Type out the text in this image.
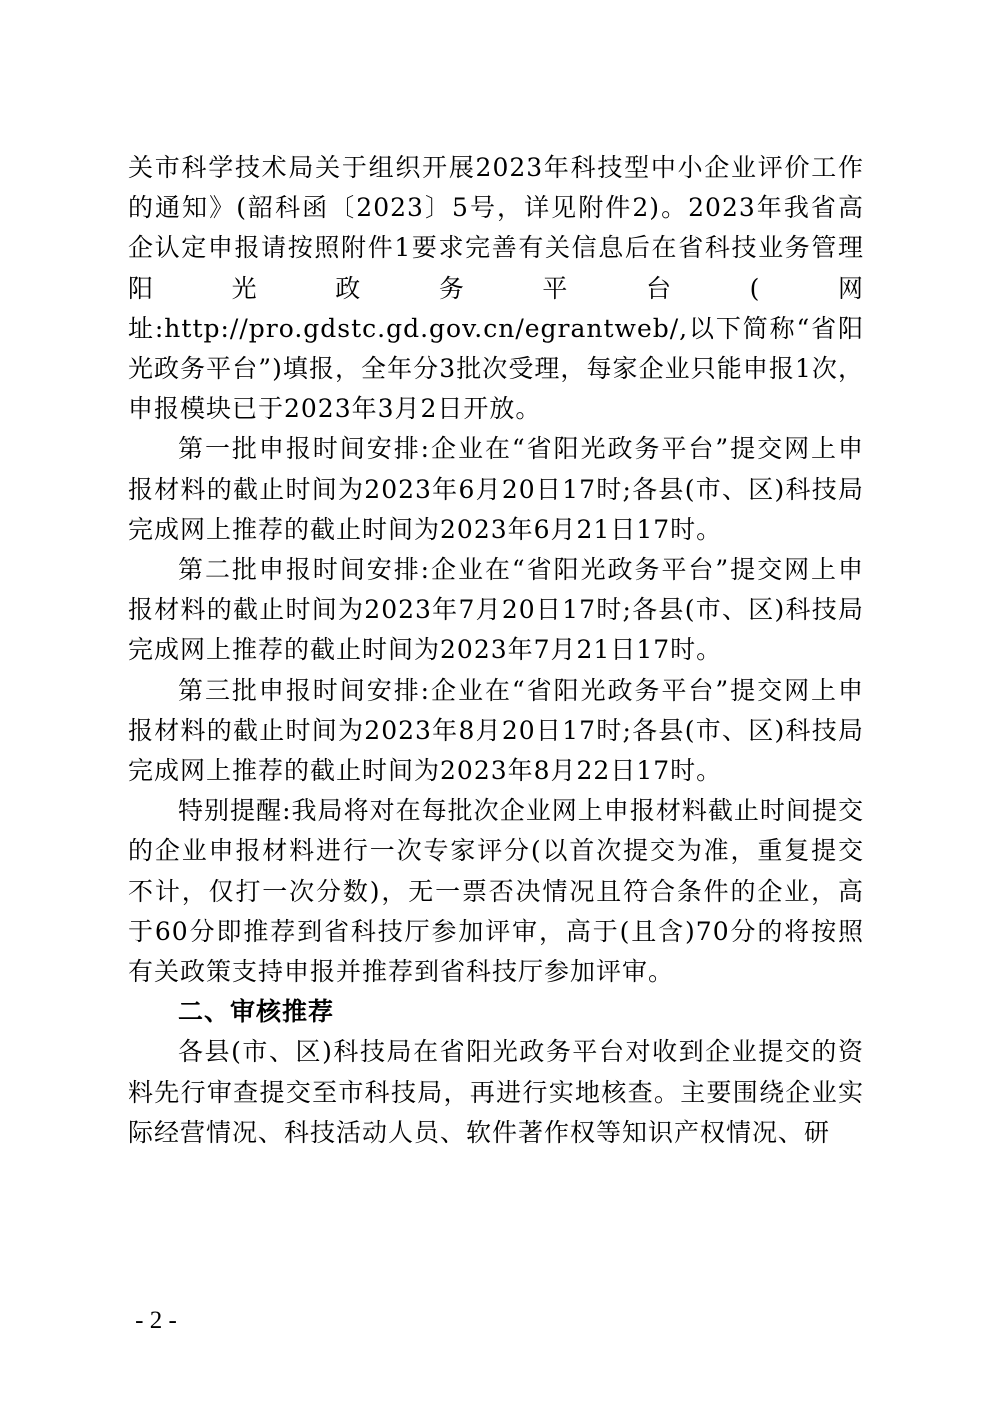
关市科学技术局关于组织开展2023年科技型中小企业评价工作的通知》(韶科函〔2023〕5号，详见附件2)。2023年我省高企认定申报请按照附件1要求完善有关信息后在省科技业务管理阳光政务平台(网址:http://pro.gdstc.gd.gov.cn/egrantweb/,以下简称“省阳光政务平台”)填报，全年分3批次受理，每家企业只能申报1次，申报模块已于2023年3月2日开放。

第一批申报时间安排:企业在“省阳光政务平台”提交网上申报材料的截止时间为2023年6月20日17时;各县(市、区)科技局完成网上推荐的截止时间为2023年6月21日17时。

第二批申报时间安排:企业在“省阳光政务平台”提交网上申报材料的截止时间为2023年7月20日17时;各县(市、区)科技局完成网上推荐的截止时间为2023年7月21日17时。

第三批申报时间安排:企业在“省阳光政务平台”提交网上申报材料的截止时间为2023年8月20日17时;各县(市、区)科技局完成网上推荐的截止时间为2023年8月22日17时。

特别提醒:我局将对在每批次企业网上申报材料截止时间提交的企业申报材料进行一次专家评分(以首次提交为准，重复提交不计，仅打一次分数)，无一票否决情况且符合条件的企业，高于60分即推荐到省科技厅参加评审，高于(且含)70分的将按照有关政策支持申报并推荐到省科技厅参加评审。

二、审核推荐

各县(市、区)科技局在省阳光政务平台对收到企业提交的资料先行审查提交至市科技局，再进行实地核查。主要围绕企业实际经营情况、科技活动人员、软件著作权等知识产权情况、研

- 2 -
